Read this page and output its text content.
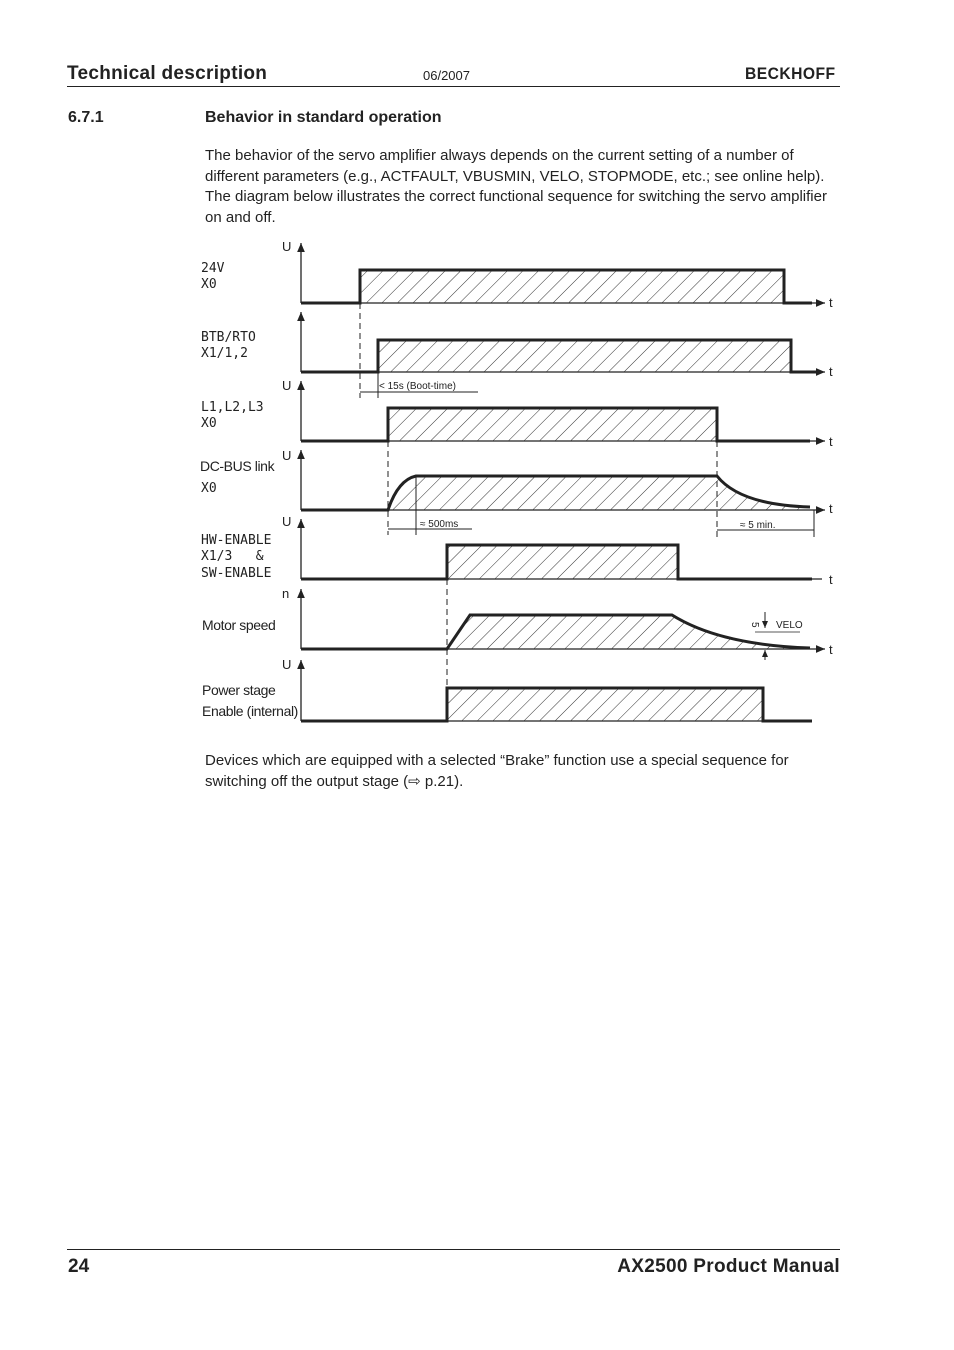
Technical description	06/2007	BECKHOFF
6.7.1	Behavior in standard operation
The behavior of the servo amplifier always depends on the current setting of a number of different parameters (e.g., ACTFAULT, VBUSMIN, VELO, STOPMODE, etc.; see online help). The diagram below illustrates the correct functional sequence for switching the servo amplifier on and off.
U
t
24V
X0
t
BTB/RTO
X1/1,2
< 15s (Boot-time)
U
t
L1,L2,L3
X0
U
t
DC-BUS link
X0
≈ 500ms	≈ 5 min.
U
t
HW-ENABLE
X1/3   &
SW-ENABLE
n
t
Motor speed	VELO
5
U
Power stage
Enable (internal)
Devices which are equipped with a selected “Brake” function use a special sequence for switching off the output stage (⇨ p.21).
24	AX2500 Product Manual
